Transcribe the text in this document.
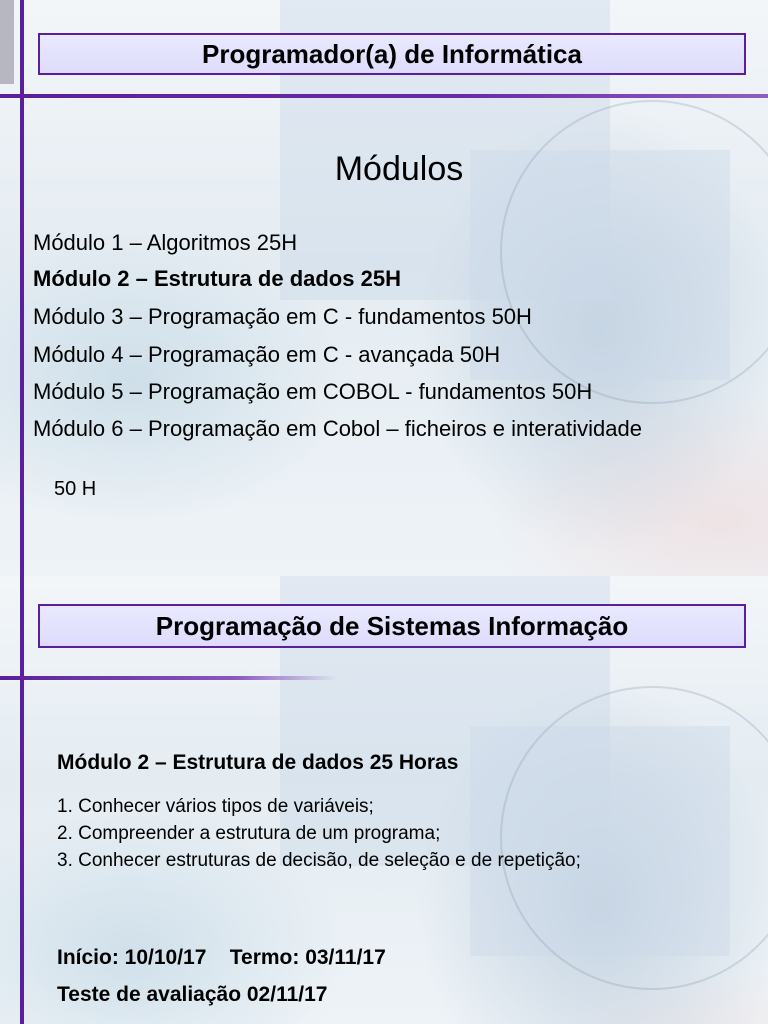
Programador(a) de Informática
Módulos
Módulo 1 – Algoritmos 25H
Módulo 2 – Estrutura de dados 25H
Módulo 3 – Programação em C - fundamentos 50H
Módulo 4 – Programação em C - avançada 50H
Módulo 5 – Programação em COBOL - fundamentos 50H
Módulo 6 – Programação em Cobol – ficheiros e interatividade
50 H
Programação de Sistemas Informação
Módulo 2 – Estrutura de dados 25 Horas
1. Conhecer vários tipos de variáveis;
2. Compreender a estrutura de um programa;
3. Conhecer estruturas de decisão, de seleção e de repetição;
Início: 10/10/17    Termo: 03/11/17
Teste de avaliação 02/11/17
